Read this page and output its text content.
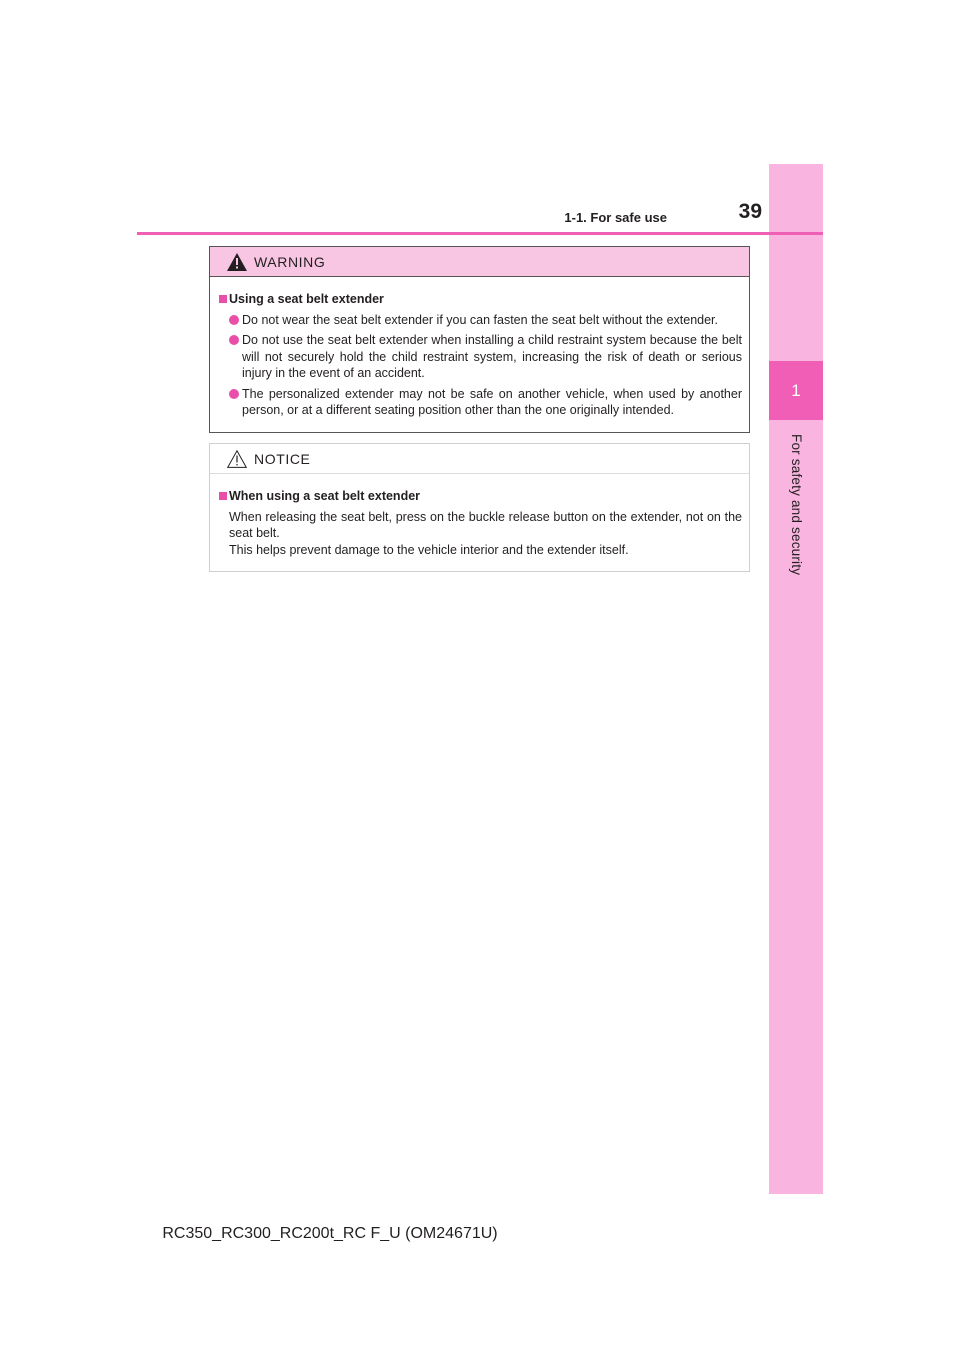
1
For safety and security
1-1. For safe use	39
WARNING
Using a seat belt extender
Do not wear the seat belt extender if you can fasten the seat belt without the extender.
Do not use the seat belt extender when installing a child restraint system because the belt will not securely hold the child restraint system, increasing the risk of death or serious injury in the event of an accident.
The personalized extender may not be safe on another vehicle, when used by another person, or at a different seating position other than the one originally intended.
NOTICE
When using a seat belt extender
When releasing the seat belt, press on the buckle release button on the extender, not on the seat belt.
This helps prevent damage to the vehicle interior and the extender itself.
RC350_RC300_RC200t_RC F_U (OM24671U)
